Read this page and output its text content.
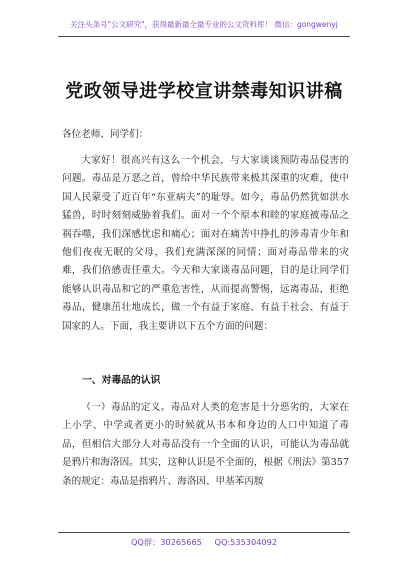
关注头条号"公文研究"，获得最新最全最专业的公文资料库！ 微信：gongwenyj
党政领导进学校宣讲禁毒知识讲稿
各位老师、同学们：

大家好！很高兴有这么一个机会，与大家谈谈预防毒品侵害的问题。毒品是万恶之首，曾给中华民族带来极其深重的灾难，使中国人民蒙受了近百年“东亚病夫”的耻辱。如今，毒品仍然犹如洪水猛兽，时时刻刻威胁着我们。面对一个个原本和睦的家庭被毒品之祸吞噬，我们深感忧虑和痛心；面对在痛苦中挣扎的涉毒青少年和他们夜夜无眠的父母，我们充满深深的同情；面对毒品带来的灾难，我们倍感责任重大。今天和大家谈毒品问题，目的是让同学们能够认识毒品和它的严重危害性，从而提高警惕，远离毒品，拒绝毒品，健康茁壮地成长，做一个有益于家庭、有益于社会、有益于国家的人。下面，我主要讲以下五个方面的问题：

一、对毒品的认识

（一）毒品的定义。毒品对人类的危害是十分惡劣的，大家在上小学、中学或者更小的时候就从书本和身边的人口中知道了毒品，但相信大部分人对毒品没有一个全面的认识，可能认为毒品就是鸦片和海洛因。其实，这种认识是不全面的，根据《刑法》第357条的规定：毒品是指鸦片、海洛因、甲基苯丙胺

QQ群：30265665 QQ:535304092
